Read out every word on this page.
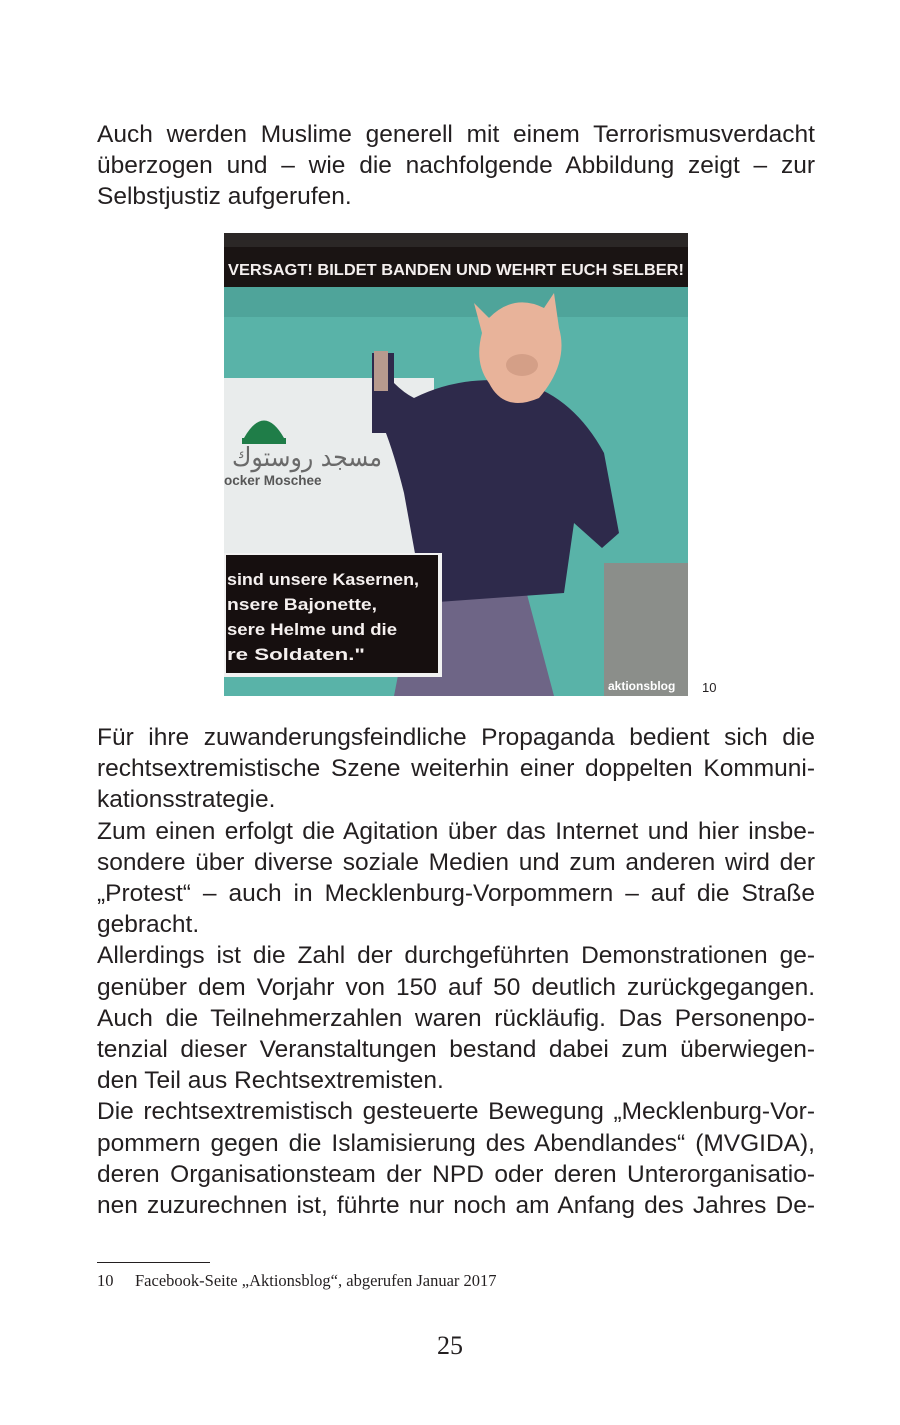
Auch werden Muslime generell mit einem Terrorismusverdacht
überzogen und – wie die nachfolgende Abbildung zeigt – zur
Selbstjustiz aufgerufen.
VERSAGT! BILDET BANDEN UND WEHRT EUCH SELBER!
مسجد روستوك
ocker Moschee
sind unsere Kasernen,
nsere Bajonette,
sere Helme und die
re Soldaten."
aktionsblog 10
Für ihre zuwanderungsfeindliche Propaganda bedient sich die
rechtsextremistische Szene weiterhin einer doppelten Kommuni-
kationsstrategie.
Zum einen erfolgt die Agitation über das Internet und hier insbe-
sondere über diverse soziale Medien und zum anderen wird der
„Protest“ – auch in Mecklenburg-Vorpommern – auf die Straße
gebracht.
Allerdings ist die Zahl der durchgeführten Demonstrationen ge-
genüber dem Vorjahr von 150 auf 50 deutlich zurückgegangen.
Auch die Teilnehmerzahlen waren rückläufig. Das Personenpo-
tenzial dieser Veranstaltungen bestand dabei zum überwiegen-
den Teil aus Rechtsextremisten.
Die rechtsextremistisch gesteuerte Bewegung „Mecklenburg-Vor-
pommern gegen die Islamisierung des Abendlandes“ (MVGIDA),
deren Organisationsteam der NPD oder deren Unterorganisatio-
nen zuzurechnen ist, führte nur noch am Anfang des Jahres De-
10 Facebook-Seite „Aktionsblog“, abgerufen Januar 2017
25
